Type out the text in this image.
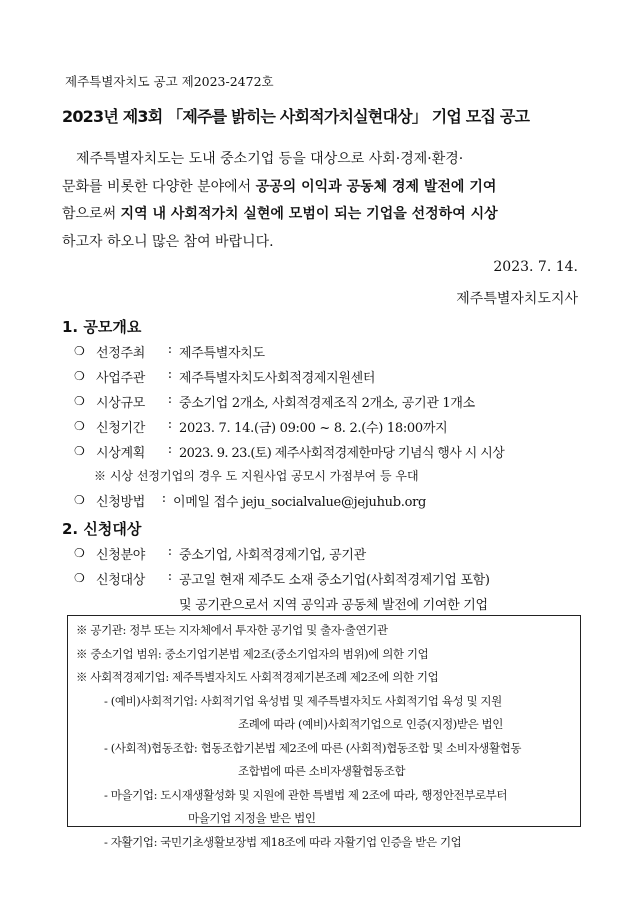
제주특별자치도 공고 제2023-2472호
2023년 제3회 「제주를 밝히는 사회적가치실현대상」 기업 모집 공고
제주특별자치도는 도내 중소기업 등을 대상으로 사회·경제·환경·
문화를 비롯한 다양한 분야에서 공공의 이익과 공동체 경제 발전에 기여
함으로써 지역 내 사회적가치 실현에 모범이 되는 기업을 선정하여 시상
하고자 하오니 많은 참여 바랍니다.
2023. 7. 14.
제주특별자치도지사
1. 공모개요
❍ 선정주최	: 제주특별자치도
❍ 사업주관	: 제주특별자치도사회적경제지원센터
❍ 시상규모	: 중소기업 2개소, 사회적경제조직 2개소, 공기관 1개소
❍ 신청기간	: 2023. 7. 14.(금) 09:00 ~ 8. 2.(수) 18:00까지
❍ 시상계획	: 2023. 9. 23.(토) 제주사회적경제한마당 기념식 행사 시 시상
※ 시상 선정기업의 경우 도 지원사업 공모시 가점부여 등 우대
❍ 신청방법	: 이메일 접수 jeju_socialvalue@jejuhub.org
2. 신청대상
❍ 신청분야	: 중소기업, 사회적경제기업, 공기관
❍ 신청대상	: 공고일 현재 제주도 소재 중소기업(사회적경제기업 포함)
및 공기관으로서 지역 공익과 공동체 발전에 기여한 기업
※ 공기관: 정부 또는 지자체에서 투자한 공기업 및 출자·출연기관
※ 중소기업 범위: 중소기업기본법 제2조(중소기업자의 범위)에 의한 기업
※ 사회적경제기업: 제주특별자치도 사회적경제기본조례 제2조에 의한 기업
- (예비)사회적기업: 사회적기업 육성법 및 제주특별자치도 사회적기업 육성 및 지원
조례에 따라 (예비)사회적기업으로 인증(지정)받은 법인
- (사회적)협동조합: 협동조합기본법 제2조에 따른 (사회적)협동조합 및 소비자생활협동
조합법에 따른 소비자생활협동조합
- 마을기업: 도시재생활성화 및 지원에 관한 특별법 제 2조에 따라, 행정안전부로부터
마을기업 지정을 받은 법인
- 자활기업: 국민기초생활보장법 제18조에 따라 자활기업 인증을 받은 기업
